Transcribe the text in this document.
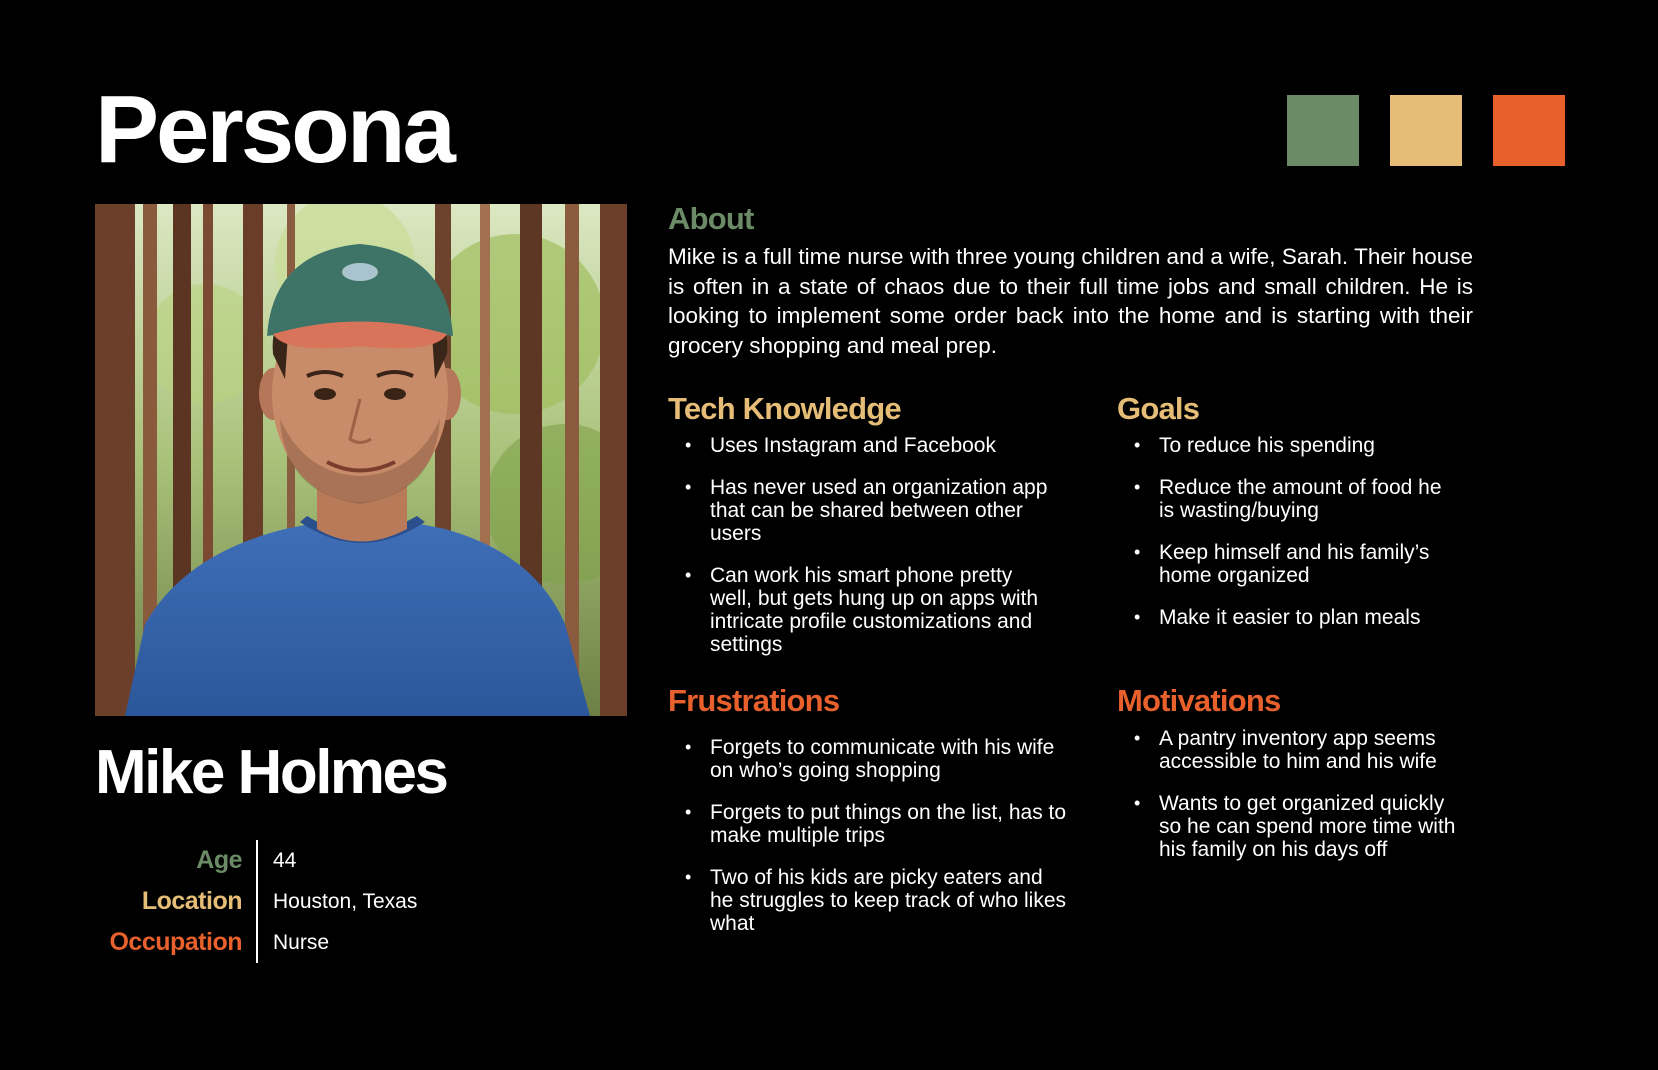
Persona
Mike Holmes
Age
Location
Occupation
44
Houston, Texas
Nurse
About
Mike is a full time nurse with three young children and a wife, Sarah. Their house is often in a state of chaos due to their full time jobs and small children. He is looking to implement some order back into the home and is starting with their grocery shopping and meal prep.
Tech Knowledge
• Uses Instagram and Facebook
• Has never used an organization app that can be shared between other users
• Can work his smart phone pretty well, but gets hung up on apps with intricate profile customizations and settings
Goals
• To reduce his spending
• Reduce the amount of food he is wasting/buying
• Keep himself and his family’s home organized
• Make it easier to plan meals
Frustrations
• Forgets to communicate with his wife on who’s going shopping
• Forgets to put things on the list, has to make multiple trips
• Two of his kids are picky eaters and he struggles to keep track of who likes what
Motivations
• A pantry inventory app seems accessible to him and his wife
• Wants to get organized quickly so he can spend more time with his family on his days off
